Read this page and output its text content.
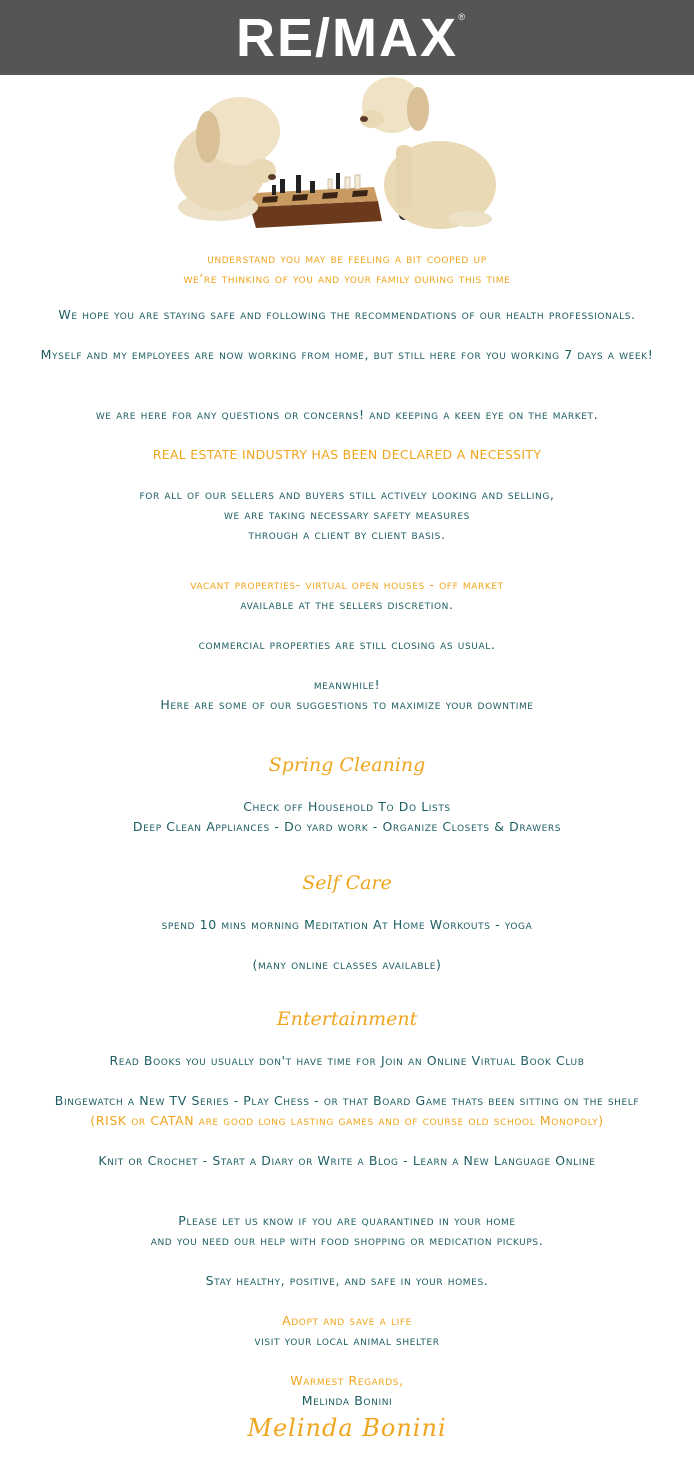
RE/MAX ®
understand you may be feeling a bit cooped up
we’re thinking of you and your family during this time
We hope you are staying safe and following the recommendations of our health professionals.
Myself and my employees are now working from home, but still here for you working 7 days a week!
we are here for any questions or concerns! and keeping a keen eye on the market.
REAL ESTATE INDUSTRY HAS BEEN DECLARED A NECESSITY
for all of our sellers and buyers still actively looking and selling,
we are taking necessary safety measures
through a client by client basis.
vacant properties- virtual open houses - off market
available at the sellers discretion.
commercial properties are still closing as usual.
meanwhile!
Here are some of our suggestions to maximize your downtime
Spring Cleaning
Check off Household To Do Lists
Deep Clean Appliances - Do yard work - Organize Closets & Drawers
Self Care
spend 10 mins morning Meditation At Home Workouts - yoga
(many online classes available)
Entertainment
Read Books you usually don't have time for Join an Online Virtual Book Club
Bingewatch a New TV Series - Play Chess - or that Board Game thats been sitting on the shelf
(RISK or CATAN are good long lasting games and of course old school Monopoly)
Knit or Crochet - Start a Diary or Write a Blog - Learn a New Language Online
Please let us know if you are quarantined in your home
and you need our help with food shopping or medication pickups.
Stay healthy, positive, and safe in your homes.
Adopt and save a life
visit your local animal shelter
Warmest Regards,
Melinda Bonini
Melinda Bonini
